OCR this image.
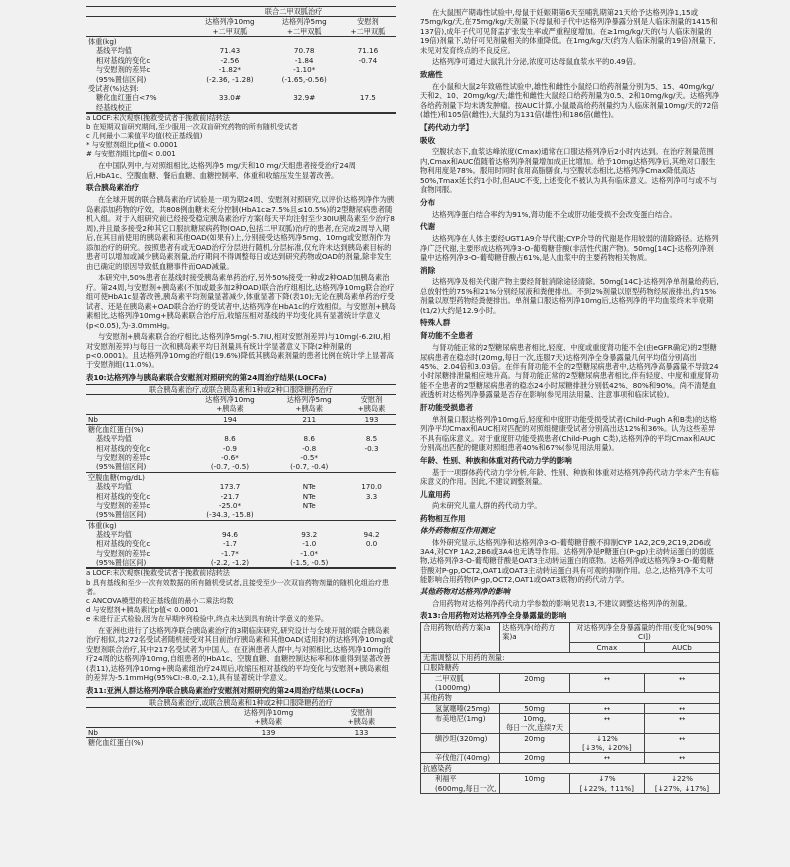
	联合二甲双胍治疗		
	达格列净10mg
+二甲双胍	达格列净5mg
+二甲双胍	安慰剂
+二甲双胍
体重(kg)			
基线平均值	71.43	70.78	71.16
相对基线的变化c	-2.56	-1.84	-0.74
与安慰剂的差异c	-1.82*	-1.10*	
(95%置信区间)	(-2.36, -1.28)	(-1.65,-0.56)	
受试者(%)达到:			
糖化血红蛋白<7%	33.0#	32.9#	17.5
经基线校正			

a LOCF:末次观察(挽救受试者于挽救前)结转法

b 在短期双盲研究期间,至少服用一次双盲研究药物的所有随机受试者

c 几何最小二乘值平均值(校正基线值)

* 与安慰剂组比p值< 0.0001

# 与安慰剂组比p值< 0.001

在中国队列中,与对照组相比,达格列净5 mg/天和10 mg/天组患者接受治疗24周后,HbA1c、空腹血糖、餐后血糖、血糖控制率、体重和收缩压发生显著改善。

联合胰岛素治疗

在全球开展的联合胰岛素治疗试验是一项为期24周、安慰剂对照研究,以评价达格列净作为胰岛素添加药物的疗效。共808例血糖未充分控制(HbA1c≥7.5%且≤10.5%)的2型糖尿病患者随机入组。对于入组研究前已经接受稳定胰岛素治疗方案(每天平均注射至少30IU胰岛素至少治疗8周),并且最多接受2种其它口服抗糖尿病药物(OAD,包括二甲双胍)治疗的患者,在完成2周导入期后,在其目前使用的胰岛素和其他OAD(如果有)上,分别接受达格列净5mg、10mg或安慰剂作为添加治疗的研究。按照患者有或无OAD治疗分层进行随机,分层标准,仅允许未达到胰岛素目标的患者可以增加或减少胰岛素剂量,治疗期间不得调整每日或达到研究药物或OAD的剂量,除非发生由已确定的原因导致低血糖事件而OAD减量。

本研究中,50%患者在基线时接受胰岛素单药治疗,另外50%接受一种或2种OAD加胰岛素治疗。第24周,与安慰剂+胰岛素(不加或最多加2种OAD)联合治疗组相比,达格列净10mg联合治疗组可使HbA1c显著改善,胰岛素平均剂量显著减少,体重显著下降(表10);无论在胰岛素单药治疗受试者、还是在胰岛素+OAD联合治疗的受试者中,达格列净在HbA1c的疗效相似。与安慰剂+胰岛素相比,达格列净10mg+胰岛素联合治疗后,收缩压相对基线的平均变化具有显著统计学意义(p<0.05),为-3.0mmHg。

与安慰剂+胰岛素联合治疗相比,达格列净5mg(-5.7IU,相对安慰剂差异)与10mg(-6.2IU,相对安慰剂差异)与每日一次和胰岛素平均日剂量具有统计学显著意义下降(2种剂量的p<0.0001)。且达格列净10mg治疗组(19.6%)降低其胰岛素剂量的患者比例在统计学上显著高于安慰剂组(11.0%)。

表10:达格列净与胰岛素联合安慰剂对照研究的第24周治疗结果(LOCFa)
联合胰岛素治疗,或联合胰岛素和1种或2种口服降糖药治疗			
	达格列净10mg
+胰岛素	达格列净5mg
+胰岛素	安慰剂
+胰岛素
Nb	194	211	193
糖化血红蛋白(%)			
基线平均值	8.6	8.6	8.5
相对基线的变化c	-0.9	-0.8	-0.3
与安慰剂的差异c	-0.6*	-0.5*	
(95%置信区间)	(-0.7, -0.5)	(-0.7, -0.4)	
空腹血糖(mg/dL)			
基线平均值	173.7	NTe	170.0
相对基线的变化c	-21.7	NTe	3.3
与安慰剂的差异c	-25.0*	NTe	
(95%置信区间)	(-34.3, -15.8)		
体重(kg)			
基线平均值	94.6	93.2	94.2
相对基线的变化c	-1.7	-1.0	0.0
与安慰剂的差异c	-1.7*	-1.0*	
(95%置信区间)	(-2.2, -1.2)	(-1.5, -0.5)	

a LOCF:末次观察(挽救受试者于挽救前)结转法

b 具有基线和至少一次有效数据的所有随机受试者,且接受至少一次双盲药物剂量的随机化组治疗患者。

c ANCOVA模型的校正基线值的最小二乘法均数

d 与安慰剂+胰岛素比p值< 0.0001

e 未进行正式检验,因为在早期序列检验中,终点未达到具有统计学意义的差异。

在亚洲也进行了达格列净联合胰岛素治疗的3期临床研究,研究设计与全球开展的联合胰岛素治疗相似,共272名受试者随机接受对其目前治疗胰岛素和其他OAD(适用时)的达格列净10mg或安慰剂联合治疗,其中217名受试者为中国人。在亚洲患者人群中,与对照相比,达格列净10mg治疗24周的达格列净10mg,自组患者的HbA1c、空腹血糖、血糖控制达标率和体重得到显著改善(表11),达格列净10mg+胰岛素组治疗24周后,收缩压相对基线的平均变化与安慰剂+胰岛素组的差异为-5.1mmHg(95%CI:-8.0,-2.1),具有显著统计学意义。

表11:亚洲人群达格列净联合胰岛素治疗安慰剂对照研究的第24周治疗结果(LOCFa)
联合胰岛素治疗,或联合胰岛素和1种或2种口服降糖药治疗		
	达格列净10mg
+胰岛素	安慰剂
+胰岛素
Nb	139	133
糖化血红蛋白(%)		

在大鼠围产期毒性试验中,母鼠于妊娠期第6天至哺乳期第21天给予达格列净1,15或75mg/kg/天,在75mg/kg/天剂量下(母鼠和子代中达格列净暴露分别是人临床剂量的1415和137倍),成年子代可见肾盂扩张发生率或严重程度增加。在≥1mg/kg/天的(与人临床剂量的19倍)剂量下,幼仔可见剂量相关的体重降低。在1mg/kg/天(约为人临床剂量的19倍)剂量下,未见对发育终点的不良反应。

达格列净可通过大鼠乳汁分泌,浓度可达母鼠血浆水平的0.49倍。

致癌性

在小鼠和大鼠2年致癌性试验中,雄性和雌性小鼠经口给药剂量分别为5、15、40mg/kg/天和2、10、20mg/kg/天;雄性和雌性大鼠经口给药剂量为0.5、2和10mg/kg/天。达格列净各给药剂量下均未诱发肿瘤。按AUC计算,小鼠最高给药剂量约为人临床剂量10mg/天的72倍(雄性)和105倍(雌性),大鼠约为131倍(雄性)和186倍(雌性)。

【药代动力学】
吸收

空腹状态下,血浆达峰浓度(Cmax)通常在口服达格列净后2小时内达到。在治疗剂量范围内,Cmax和AUC值随着达格列净剂量增加成正比增加。给予10mg达格列净后,其绝对口服生物利用度是78%。服用时同时食用高脂膳食,与空腹状态相比,达格列净Cmax降低高达50%,Tmax延长约1小时,但AUC不变,上述变化不被认为具有临床意义。达格列净可与或不与食物同服。

分布

达格列净蛋白结合率约为91%,肾功能不全或肝功能受损不会改变蛋白结合。

代谢

达格列净在人体主要经UGT1A9介导代谢;CYP介导的代谢是作用较弱的清除路径。达格列净广泛代谢,主要形成达格列净3-O-葡萄糖苷酸(非活性代谢产物)。50mg[14C]-达格列净剂量中达格列净3-O-葡萄糖苷酸占61%,是人血浆中的主要药物相关物质。

消除

达格列净及相关代谢产物主要经肾脏消除途径清除。50mg[14C]-达格列净单剂量给药后,总放射性的75%和21%分别经尿液和粪便排出。不到2%剂量以原型药物经尿液排出,约15%剂量以原型药物经粪便排出。单剂量口服达格列净10mg后,达格列净的平均血浆终末半衰期(t1/2)大约是12.9小时。

特殊人群
肾功能不全患者

与肾功能正常的2型糖尿病患者相比,轻度、中度或重度肾功能不全(由eGFR确定)的2型糖尿病患者在稳态时(20mg,每日一次,连服7天)达格列净全身暴露量几何平均值分别高出45%、2.04倍和3.03倍。在伴有肾功能不全的2型糖尿病患者中,达格列净高暴露量不导致24小时尿糖排泄量相应地升高。与肾功能正常的2型糖尿病患者相比,伴有轻度、中度和重度肾功能不全患者的2型糖尿病患者的稳态24小时尿糖排泄分别低42%、80%和90%。尚不清楚血液透析对达格列净暴露量是否存在影响(参见用法用量、注意事项和临床试验)。

肝功能受损患者

单剂量口服达格列净10mg后,轻度和中度肝功能受损受试者(Child-Pugh A和B类)的达格列净平均Cmax和AUC相对匹配的对照组健康受试者分别高出达12%和36%。认为这些差异不具有临床意义。对于重度肝功能受损患者(Child-Pugh C类),达格列净的平均Cmax和AUC分别高出匹配的健康对照组患者40%和67%(参见用法用量)。

年龄、性别、种族和体重对药代动力学的影响

基于一项群体药代动力学分析,年龄、性别、种族和体重对达格列净药代动力学未产生有临床意义的作用。因此,不建议调整剂量。

儿童用药

尚未研究儿童人群的药代动力学。

药物相互作用
体外药物相互作用测定

体外研究显示,达格列净和达格列净3-O-葡萄糖苷酸不抑制CYP 1A2,2C9,2C19,2D6或3A4,对CYP 1A2,2B6或3A4也无诱导作用。达格列净是P糖蛋白(P-gp)主动转运蛋白的弱底物,达格列净3-O-葡萄糖苷酸是OAT3主动转运蛋白的底物。达格列净或达格列净3-O-葡萄糖苷酸对P-gp,OCT2,OAT1或OAT3主动转运蛋白具有可观的抑制作用。总之,达格列净不太可能影响合用药物(P-gp,OCT2,OAT1或OAT3底物)的药代动力学。

其他药物对达格列净的影响

合用药物对达格列净药代动力学参数的影响见表13,不建议调整达格列净的剂量。

表13:合用药物对达格列净全身暴露量的影响
合用药物(给药方案)a	达格列净(给药方案)a	对达格列净全身暴露量的作用(变化%[90% CI])	
		Cmax	AUCb
无需调整以下用药的剂量:			
口服降糖药			
二甲双胍(1000mg)	20mg	↔	↔
其他药物			
氢氯噻嗪(25mg)	50mg	↔	↔
布美地尼(1mg)	10mg,
每日一次,连续7天	↔	↔
缬沙坦(320mg)	20mg	↓12%
[↓3%, ↓20%]	↔
辛伐他汀(40mg)	20mg	↔	↔
抗感染药			
利福平
(600mg,每日一次,	10mg	↓7%
[↓22%, ↑11%]	↓22%
[↓27%, ↓17%]
